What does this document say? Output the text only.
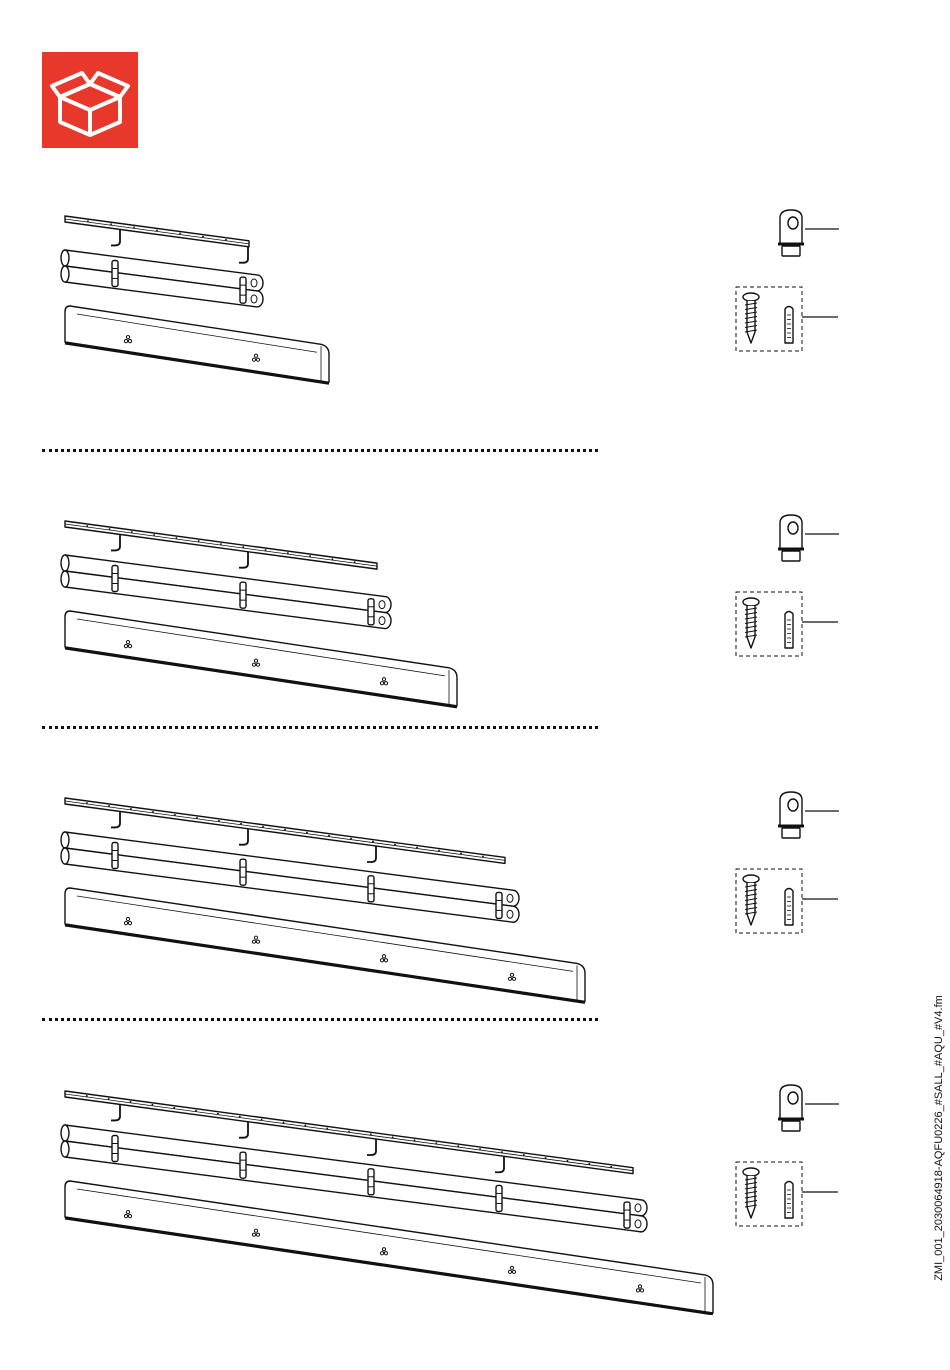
ZMI_001_2030064918-AQFU0226_#SALL_#AQU_#V4.fm
